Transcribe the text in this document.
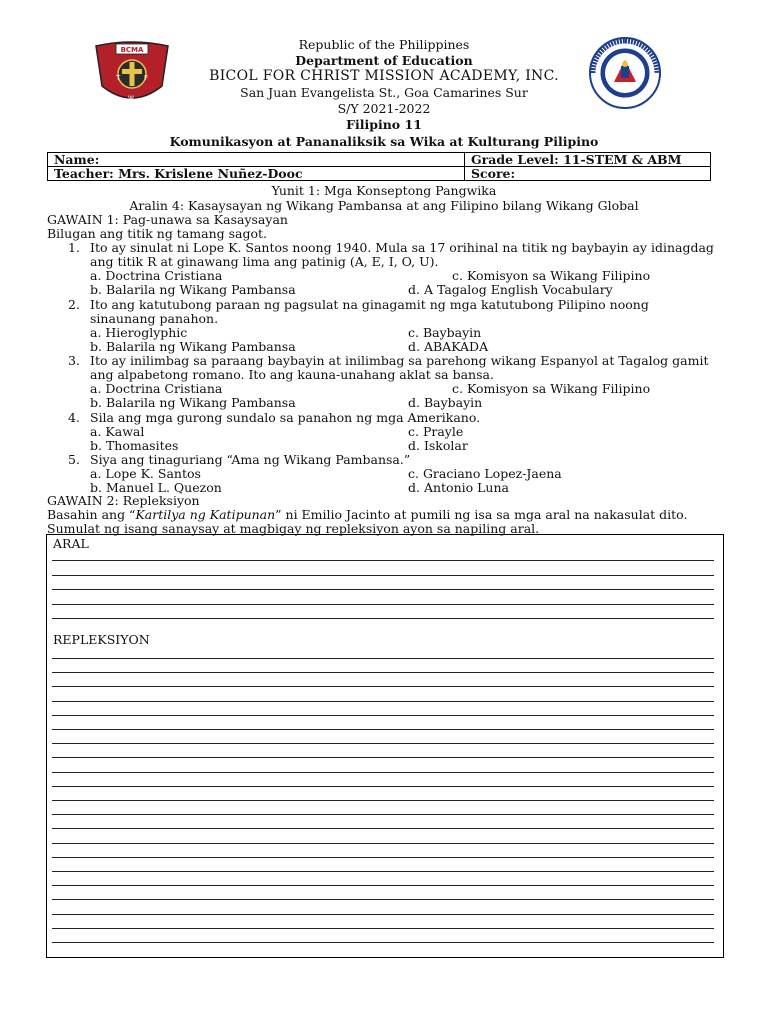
BCMA
T	F
W
Republic of the Philippines
Department of Education
BICOL FOR CHRIST MISSION ACADEMY, INC.
San Juan Evangelista St., Goa Camarines Sur
S/Y 2021-2022
Filipino 11
Komunikasyon at Pananaliksik sa Wika at Kulturang Pilipino
Name:	Grade Level: 11-STEM & ABM
Teacher: Mrs. Krislene Nuñez-Dooc	Score:
Yunit 1: Mga Konseptong Pangwika
Aralin 4: Kasaysayan ng Wikang Pambansa at ang Filipino bilang Wikang Global
GAWAIN 1: Pag-unawa sa Kasaysayan
Bilugan ang titik ng tamang sagot.
1. Ito ay sinulat ni Lope K. Santos noong 1940. Mula sa 17 orihinal na titik ng baybayin ay idinagdag
ang titik R at ginawang lima ang patinig (A, E, I, O, U).
a. Doctrina Cristiana	c. Komisyon sa Wikang Filipino
b. Balarila ng Wikang Pambansa	d. A Tagalog English Vocabulary
2. Ito ang katutubong paraan ng pagsulat na ginagamit ng mga katutubong Pilipino noong
sinaunang panahon.
a. Hieroglyphic	c. Baybayin
b. Balarila ng Wikang Pambansa	d. ABAKADA
3. Ito ay inilimbag sa paraang baybayin at inilimbag sa parehong wikang Espanyol at Tagalog gamit
ang alpabetong romano. Ito ang kauna-unahang aklat sa bansa.
a. Doctrina Cristiana	c. Komisyon sa Wikang Filipino
b. Balarila ng Wikang Pambansa	d. Baybayin
4. Sila ang mga gurong sundalo sa panahon ng mga Amerikano.
a. Kawal	c. Prayle
b. Thomasites	d. Iskolar
5. Siya ang tinaguriang “Ama ng Wikang Pambansa.”
a. Lope K. Santos	c. Graciano Lopez-Jaena
b. Manuel L. Quezon	d. Antonio Luna
GAWAIN 2: Repleksiyon
Basahin ang “Kartilya ng Katipunan” ni Emilio Jacinto at pumili ng isa sa mga aral na nakasulat dito.
Sumulat ng isang sanaysay at magbigay ng repleksiyon ayon sa napiling aral.
ARAL
REPLEKSIYON
